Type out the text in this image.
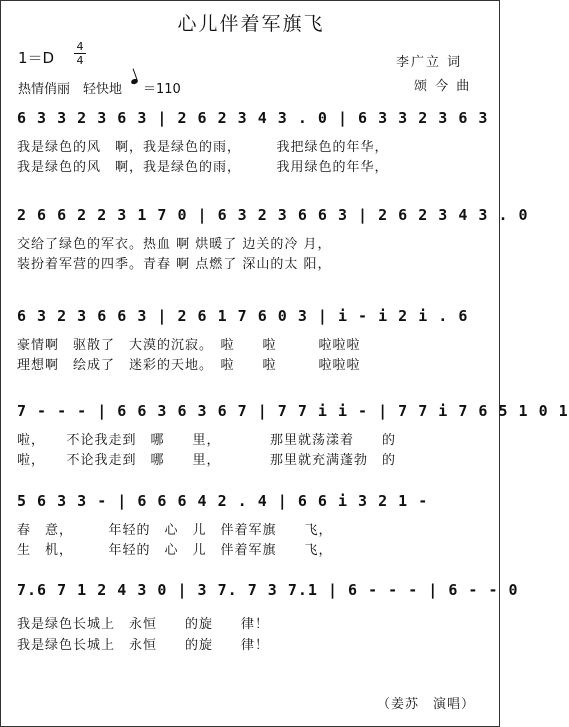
心儿伴着军旗飞
1＝D
4
4
热情俏丽　轻快地 ＝110
李广立 词
颂 今 曲
6 3 3 2 3 6 3 | 2 6 2 3 4 3 . 0 | 6 3 3 2 3 6 3
我是绿色的风　啊，我是绿色的雨，　　　我把绿色的年华，
我是绿色的风　啊，我是绿色的雨，　　　我用绿色的年华，
2 6 6 2 2 3 1 7 0 | 6 3 2 3 6 6 3 | 2 6 2 3 4 3 . 0
交给了绿色的军衣。热血 啊 烘暖了 边关的冷 月，
装扮着军营的四季。青春 啊 点燃了 深山的太 阳，
6 3 2 3 6 6 3 | 2 6 1 7 6 0 3 | i - i 2 i . 6
豪情啊　驱散了　大漠的沉寂。　啦　　啦　　　啦啦啦
理想啊　绘成了　迷彩的天地。　啦　　啦　　　啦啦啦
7 - - - | 6 6 3 6 3 6 7 | 7 7 i i - | 7 7 i 7 6 5 1 0 1
啦，　　不论我走到　哪　　里，　　　　那里就荡漾着　　的
啦，　　不论我走到　哪　　里，　　　　那里就充满蓬勃　的
5 6 3 3 - | 6 6 6 4 2 . 4 | 6 6 i 3 2 1 -
春　意，　　　年轻的　心　儿　伴着军旗　　飞，
生　机，　　　年轻的　心　儿　伴着军旗　　飞，
7.6 7 1 2 4 3 0 | 3 7. 7 3 7.1 | 6 - - - | 6 - - 0
我是绿色长城上　永恒　　的旋　　律！
我是绿色长城上　永恒　　的旋　　律！
（姜苏　演唱）
